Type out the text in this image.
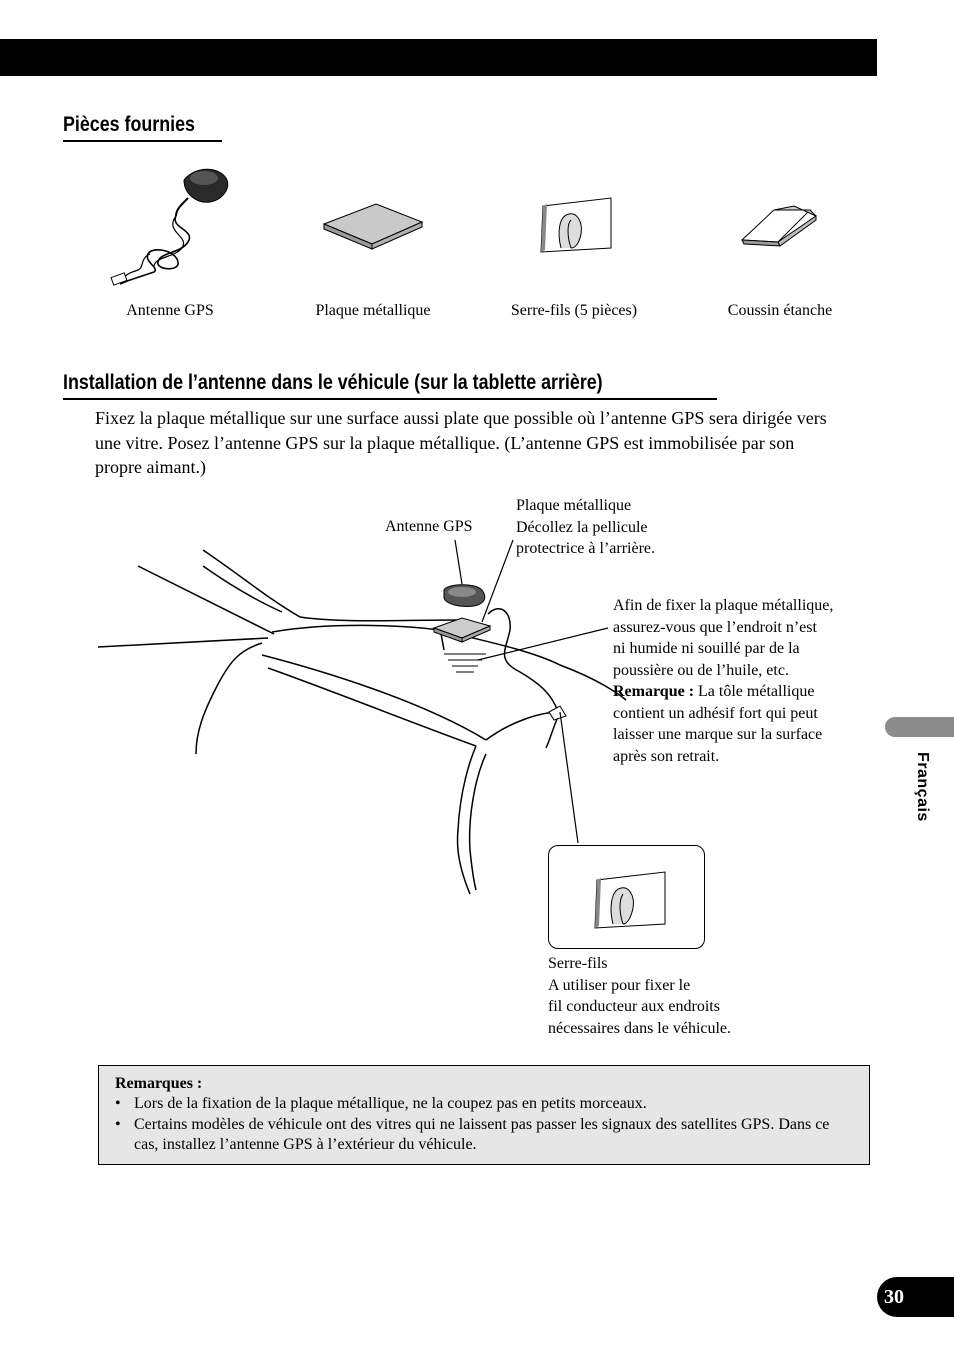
Pièces fournies
Antenne GPS	Plaque métallique	Serre-fils (5 pièces)	Coussin étanche
Installation de l’antenne dans le véhicule (sur la tablette arrière)
Fixez la plaque métallique sur une surface aussi plate que possible où l’antenne GPS sera dirigée vers une vitre. Posez l’antenne GPS sur la plaque métallique. (L’antenne GPS est immobilisée par son propre aimant.)
Antenne GPS
Plaque métallique
Décollez la pellicule
protectrice à l’arrière.
Afin de fixer la plaque métallique,
assurez-vous que l’endroit n’est
ni humide ni souillé par de la
poussière ou de l’huile, etc.
Remarque : La tôle métallique
contient un adhésif fort qui peut
laisser une marque sur la surface
après son retrait.
Serre-fils
A utiliser pour fixer le
fil conducteur aux endroits
nécessaires dans le véhicule.
Remarques :
• Lors de la fixation de la plaque métallique, ne la coupez pas en petits morceaux.
• Certains modèles de véhicule ont des vitres qui ne laissent pas passer les signaux des satellites GPS. Dans ce cas, installez l’antenne GPS à l’extérieur du véhicule.
Français
30
